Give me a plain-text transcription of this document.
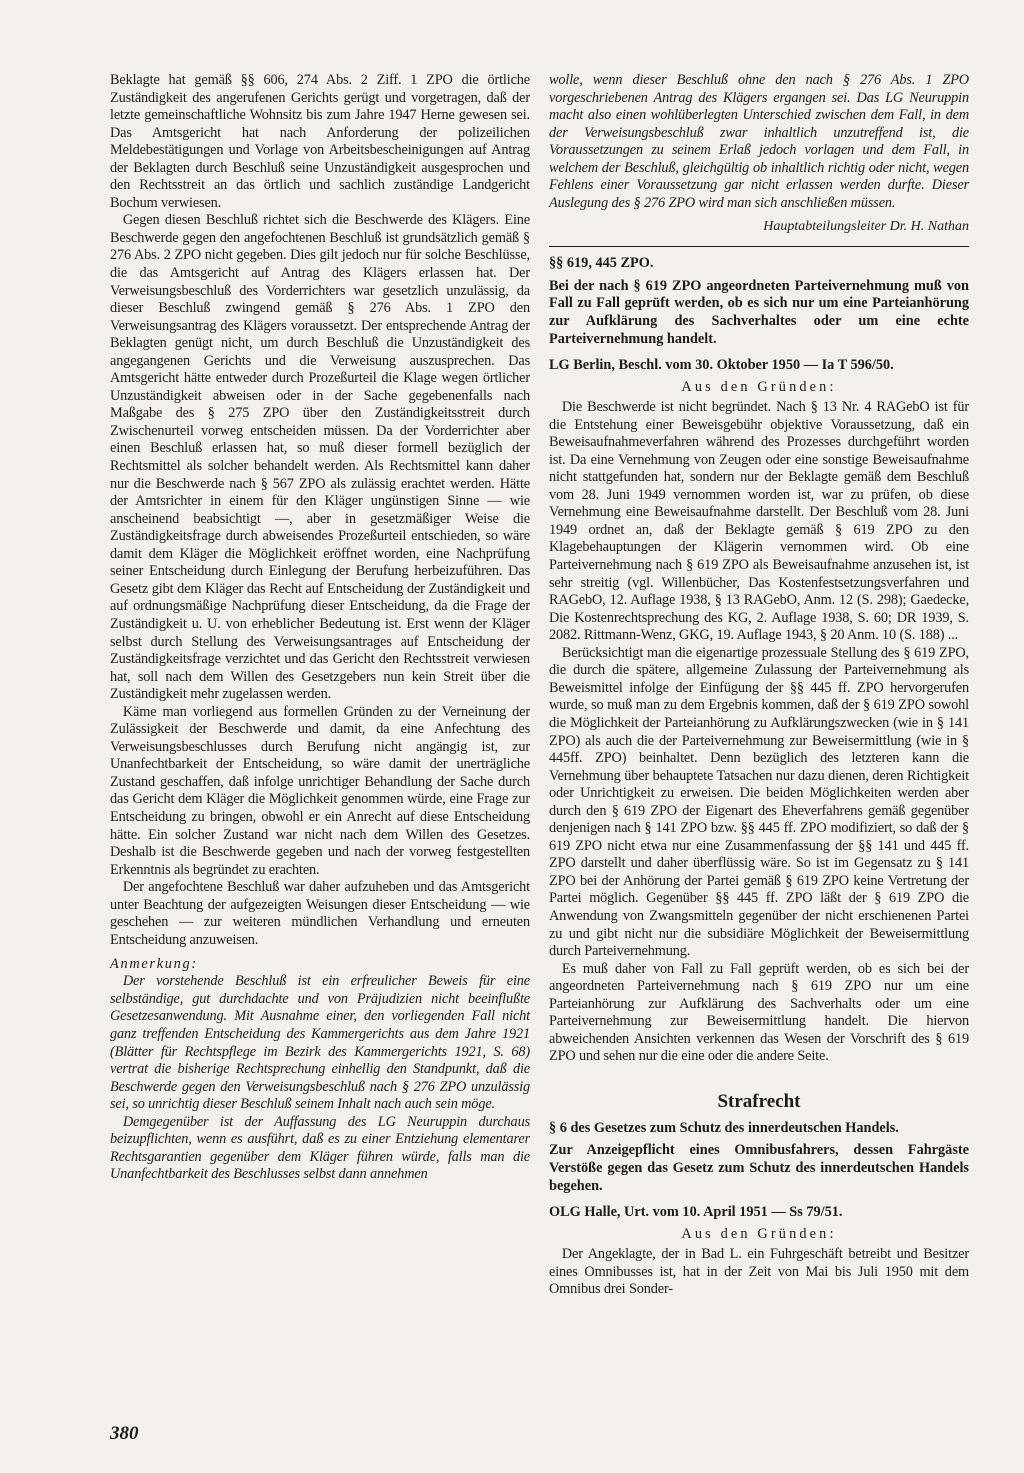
Beklagte hat gemäß §§ 606, 274 Abs. 2 Ziff. 1 ZPO die örtliche Zuständigkeit des angerufenen Gerichts gerügt und vorgetragen, daß der letzte gemeinschaftliche Wohnsitz bis zum Jahre 1947 Herne gewesen sei. Das Amtsgericht hat nach Anforderung der polizeilichen Meldebestätigungen und Vorlage von Arbeitsbescheinigungen auf Antrag der Beklagten durch Beschluß seine Unzuständigkeit ausgesprochen und den Rechtsstreit an das örtlich und sachlich zuständige Landgericht Bochum verwiesen.

Gegen diesen Beschluß richtet sich die Beschwerde des Klägers. Eine Beschwerde gegen den angefochtenen Beschluß ist grundsätzlich gemäß § 276 Abs. 2 ZPO nicht gegeben. Dies gilt jedoch nur für solche Beschlüsse, die das Amtsgericht auf Antrag des Klägers erlassen hat. Der Verweisungsbeschluß des Vorderrichters war gesetzlich unzulässig, da dieser Beschluß zwingend gemäß § 276 Abs. 1 ZPO den Verweisungsantrag des Klägers voraussetzt. Der entsprechende Antrag der Beklagten genügt nicht, um durch Beschluß die Unzuständigkeit des angegangenen Gerichts und die Verweisung auszusprechen. Das Amtsgericht hätte entweder durch Prozeßurteil die Klage wegen örtlicher Unzuständigkeit abweisen oder in der Sache gegebenenfalls nach Maßgabe des § 275 ZPO über den Zuständigkeitsstreit durch Zwischenurteil vorweg entscheiden müssen. Da der Vorderrichter aber einen Beschluß erlassen hat, so muß dieser formell bezüglich der Rechtsmittel als solcher behandelt werden. Als Rechtsmittel kann daher nur die Beschwerde nach § 567 ZPO als zulässig erachtet werden. Hätte der Amtsrichter in einem für den Kläger ungünstigen Sinne — wie anscheinend beabsichtigt —, aber in gesetzmäßiger Weise die Zuständigkeitsfrage durch abweisendes Prozeßurteil entschieden, so wäre damit dem Kläger die Möglichkeit eröffnet worden, eine Nachprüfung seiner Entscheidung durch Einlegung der Berufung herbeizuführen. Das Gesetz gibt dem Kläger das Recht auf Entscheidung der Zuständigkeit und auf ordnungsmäßige Nachprüfung dieser Entscheidung, da die Frage der Zuständigkeit u. U. von erheblicher Bedeutung ist. Erst wenn der Kläger selbst durch Stellung des Verweisungsantrages auf Entscheidung der Zuständigkeitsfrage verzichtet und das Gericht den Rechtsstreit verwiesen hat, soll nach dem Willen des Gesetzgebers nun kein Streit über die Zuständigkeit mehr zugelassen werden.

Käme man vorliegend aus formellen Gründen zu der Verneinung der Zulässigkeit der Beschwerde und damit, da eine Anfechtung des Verweisungsbeschlusses durch Berufung nicht angängig ist, zur Unanfechtbarkeit der Entscheidung, so wäre damit der unerträgliche Zustand geschaffen, daß infolge unrichtiger Behandlung der Sache durch das Gericht dem Kläger die Möglichkeit genommen würde, eine Frage zur Entscheidung zu bringen, obwohl er ein Anrecht auf diese Entscheidung hätte. Ein solcher Zustand war nicht nach dem Willen des Gesetzes. Deshalb ist die Beschwerde gegeben und nach der vorweg festgestellten Erkenntnis als begründet zu erachten.

Der angefochtene Beschluß war daher aufzuheben und das Amtsgericht unter Beachtung der aufgezeigten Weisungen dieser Entscheidung — wie geschehen — zur weiteren mündlichen Verhandlung und erneuten Entscheidung anzuweisen.

Anmerkung:

Der vorstehende Beschluß ist ein erfreulicher Beweis für eine selbständige, gut durchdachte und von Präjudizien nicht beeinflußte Gesetzesanwendung. Mit Ausnahme einer, den vorliegenden Fall nicht ganz treffenden Entscheidung des Kammergerichts aus dem Jahre 1921 (Blätter für Rechtspflege im Bezirk des Kammergerichts 1921, S. 68) vertrat die bisherige Rechtsprechung einhellig den Standpunkt, daß die Beschwerde gegen den Verweisungsbeschluß nach § 276 ZPO unzulässig sei, so unrichtig dieser Beschluß seinem Inhalt nach auch sein möge.

Demgegenüber ist der Auffassung des LG Neuruppin durchaus beizupflichten, wenn es ausführt, daß es zu einer Entziehung elementarer Rechtsgarantien gegenüber dem Kläger führen würde, falls man die Unanfechtbarkeit des Beschlusses selbst dann annehmen

wolle, wenn dieser Beschluß ohne den nach § 276 Abs. 1 ZPO vorgeschriebenen Antrag des Klägers ergangen sei. Das LG Neuruppin macht also einen wohlüberlegten Unterschied zwischen dem Fall, in dem der Verweisungsbeschluß zwar inhaltlich unzutreffend ist, die Voraussetzungen zu seinem Erlaß jedoch vorlagen und dem Fall, in welchem der Beschluß, gleichgültig ob inhaltlich richtig oder nicht, wegen Fehlens einer Voraussetzung gar nicht erlassen werden durfte. Dieser Auslegung des § 276 ZPO wird man sich anschließen müssen.

Hauptabteilungsleiter Dr. H. Nathan
§§ 619, 445 ZPO.
Bei der nach § 619 ZPO angeordneten Parteivernehmung muß von Fall zu Fall geprüft werden, ob es sich nur um eine Parteianhörung zur Aufklärung des Sachverhaltes oder um eine echte Parteivernehmung handelt.
LG Berlin, Beschl. vom 30. Oktober 1950 — Ia T 596/50.
Aus den Gründen:

Die Beschwerde ist nicht begründet. Nach § 13 Nr. 4 RAGebO ist für die Entstehung einer Beweisgebühr objektive Voraussetzung, daß ein Beweisaufnahmeverfahren während des Prozesses durchgeführt worden ist. Da eine Vernehmung von Zeugen oder eine sonstige Beweisaufnahme nicht stattgefunden hat, sondern nur der Beklagte gemäß dem Beschluß vom 28. Juni 1949 vernommen worden ist, war zu prüfen, ob diese Vernehmung eine Beweisaufnahme darstellt. Der Beschluß vom 28. Juni 1949 ordnet an, daß der Beklagte gemäß § 619 ZPO zu den Klagebehauptungen der Klägerin vernommen wird. Ob eine Parteivernehmung nach § 619 ZPO als Beweisaufnahme anzusehen ist, ist sehr streitig (vgl. Willenbücher, Das Kostenfestsetzungsverfahren und RAGebO, 12. Auflage 1938, § 13 RAGebO, Anm. 12 (S. 298); Gaedecke, Die Kostenrechtsprechung des KG, 2. Auflage 1938, S. 60; DR 1939, S. 2082. Rittmann-Wenz, GKG, 19. Auflage 1943, § 20 Anm. 10 (S. 188) ...

Berücksichtigt man die eigenartige prozessuale Stellung des § 619 ZPO, die durch die spätere, allgemeine Zulassung der Parteivernehmung als Beweismittel infolge der Einfügung der §§ 445 ff. ZPO hervorgerufen wurde, so muß man zu dem Ergebnis kommen, daß der § 619 ZPO sowohl die Möglichkeit der Parteianhörung zu Aufklärungszwecken (wie in § 141 ZPO) als auch die der Parteivernehmung zur Beweisermittlung (wie in § 445ff. ZPO) beinhaltet. Denn bezüglich des letzteren kann die Vernehmung über behauptete Tatsachen nur dazu dienen, deren Richtigkeit oder Unrichtigkeit zu erweisen. Die beiden Möglichkeiten werden aber durch den § 619 ZPO der Eigenart des Eheverfahrens gemäß gegenüber denjenigen nach § 141 ZPO bzw. §§ 445 ff. ZPO modifiziert, so daß der § 619 ZPO nicht etwa nur eine Zusammenfassung der §§ 141 und 445 ff. ZPO darstellt und daher überflüssig wäre. So ist im Gegensatz zu § 141 ZPO bei der Anhörung der Partei gemäß § 619 ZPO keine Vertretung der Partei möglich. Gegenüber §§ 445 ff. ZPO läßt der § 619 ZPO die Anwendung von Zwangsmitteln gegenüber der nicht erschienenen Partei zu und gibt nicht nur die subsidiäre Möglichkeit der Beweisermittlung durch Parteivernehmung.

Es muß daher von Fall zu Fall geprüft werden, ob es sich bei der angeordneten Parteivernehmung nach § 619 ZPO nur um eine Parteianhörung zur Aufklärung des Sachverhalts oder um eine Parteivernehmung zur Beweisermittlung handelt. Die hiervon abweichenden Ansichten verkennen das Wesen der Vorschrift des § 619 ZPO und sehen nur die eine oder die andere Seite.

Strafrecht
§ 6 des Gesetzes zum Schutz des innerdeutschen Handels.
Zur Anzeigepflicht eines Omnibusfahrers, dessen Fahrgäste Verstöße gegen das Gesetz zum Schutz des innerdeutschen Handels begehen.
OLG Halle, Urt. vom 10. April 1951 — Ss 79/51.
Aus den Gründen:

Der Angeklagte, der in Bad L. ein Fuhrgeschäft betreibt und Besitzer eines Omnibusses ist, hat in der Zeit von Mai bis Juli 1950 mit dem Omnibus drei Sonder-

380
